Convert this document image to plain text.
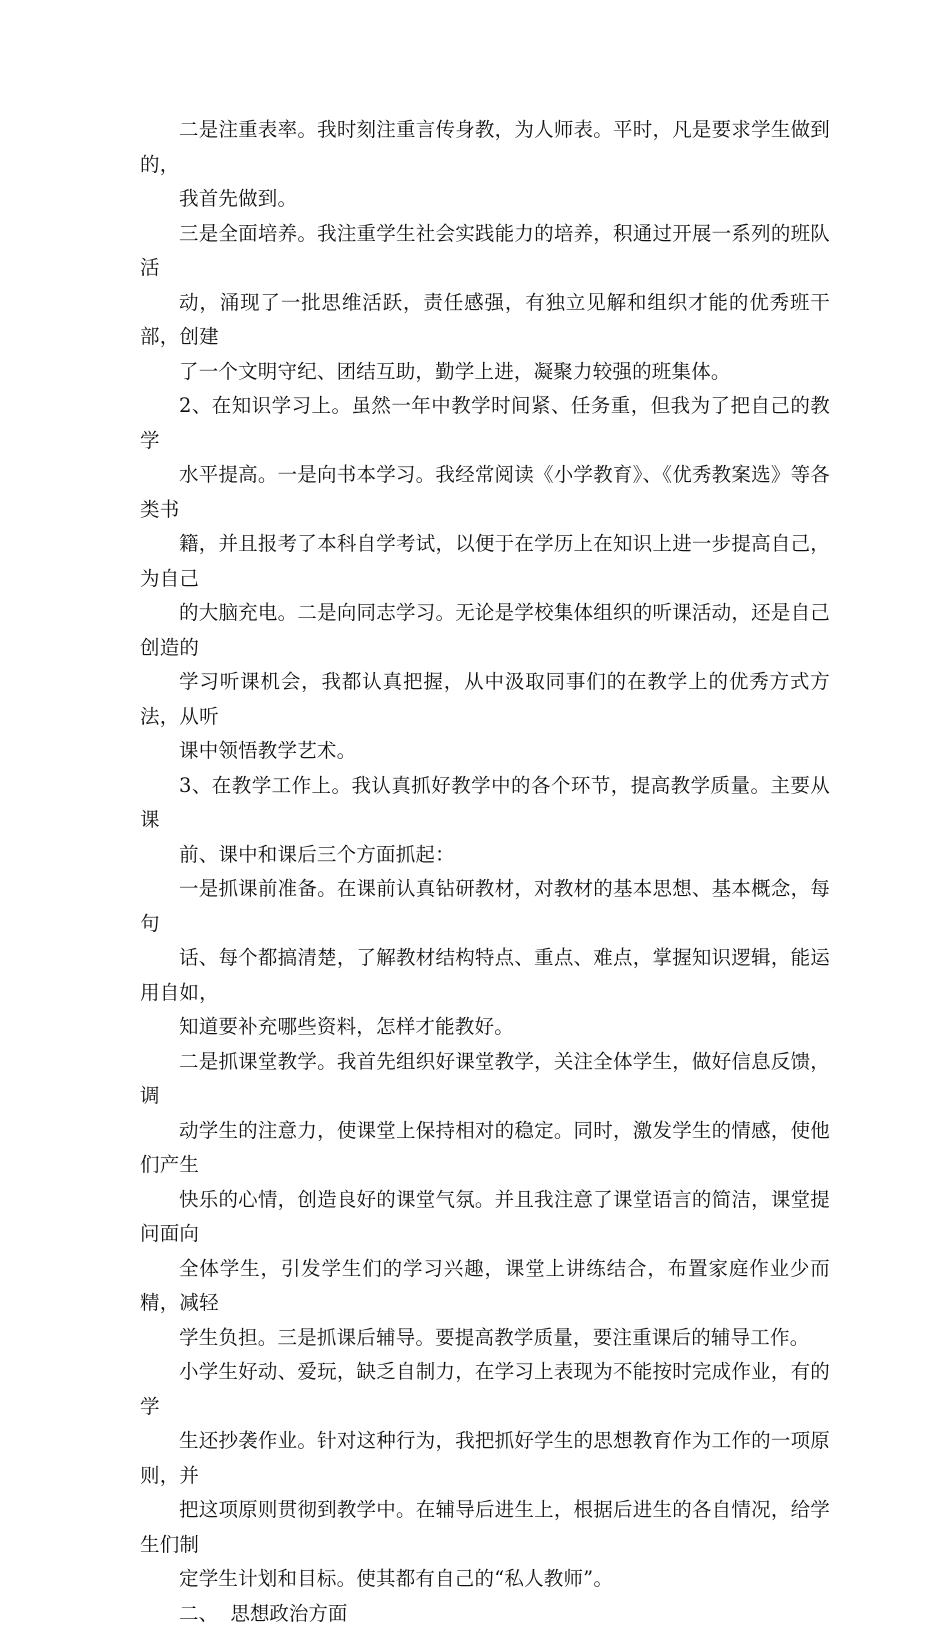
二是注重表率。我时刻注重言传身教，为人师表。平时，凡是要求学生做到的，
我首先做到。

三是全面培养。我注重学生社会实践能力的培养，积通过开展一系列的班队活
动，涌现了一批思维活跃，责任感强，有独立见解和组织才能的优秀班干部，创建
了一个文明守纪、团结互助，勤学上进，凝聚力较强的班集体。

2、在知识学习上。虽然一年中教学时间紧、任务重，但我为了把自己的教学
水平提高。一是向书本学习。我经常阅读《小学教育》、《优秀教案选》等各类书
籍，并且报考了本科自学考试，以便于在学历上在知识上进一步提高自己，为自己
的大脑充电。二是向同志学习。无论是学校集体组织的听课活动，还是自己创造的
学习听课机会，我都认真把握，从中汲取同事们的在教学上的优秀方式方法，从听
课中领悟教学艺术。

3、在教学工作上。我认真抓好教学中的各个环节，提高教学质量。主要从课
前、课中和课后三个方面抓起：

一是抓课前准备。在课前认真钻研教材，对教材的基本思想、基本概念，每句
话、每个都搞清楚，了解教材结构特点、重点、难点，掌握知识逻辑，能运用自如，
知道要补充哪些资料，怎样才能教好。

二是抓课堂教学。我首先组织好课堂教学，关注全体学生，做好信息反馈，调
动学生的注意力，使课堂上保持相对的稳定。同时，激发学生的情感，使他们产生
快乐的心情，创造良好的课堂气氛。并且我注意了课堂语言的简洁，课堂提问面向
全体学生，引发学生们的学习兴趣，课堂上讲练结合，布置家庭作业少而精，减轻
学生负担。三是抓课后辅导。要提高教学质量，要注重课后的辅导工作。

小学生好动、爱玩，缺乏自制力，在学习上表现为不能按时完成作业，有的学
生还抄袭作业。针对这种行为，我把抓好学生的思想教育作为工作的一项原则，并
把这项原则贯彻到教学中。在辅导后进生上，根据后进生的各自情况，给学生们制
定学生计划和目标。使其都有自己的“私人教师”。

二、  思想政治方面
